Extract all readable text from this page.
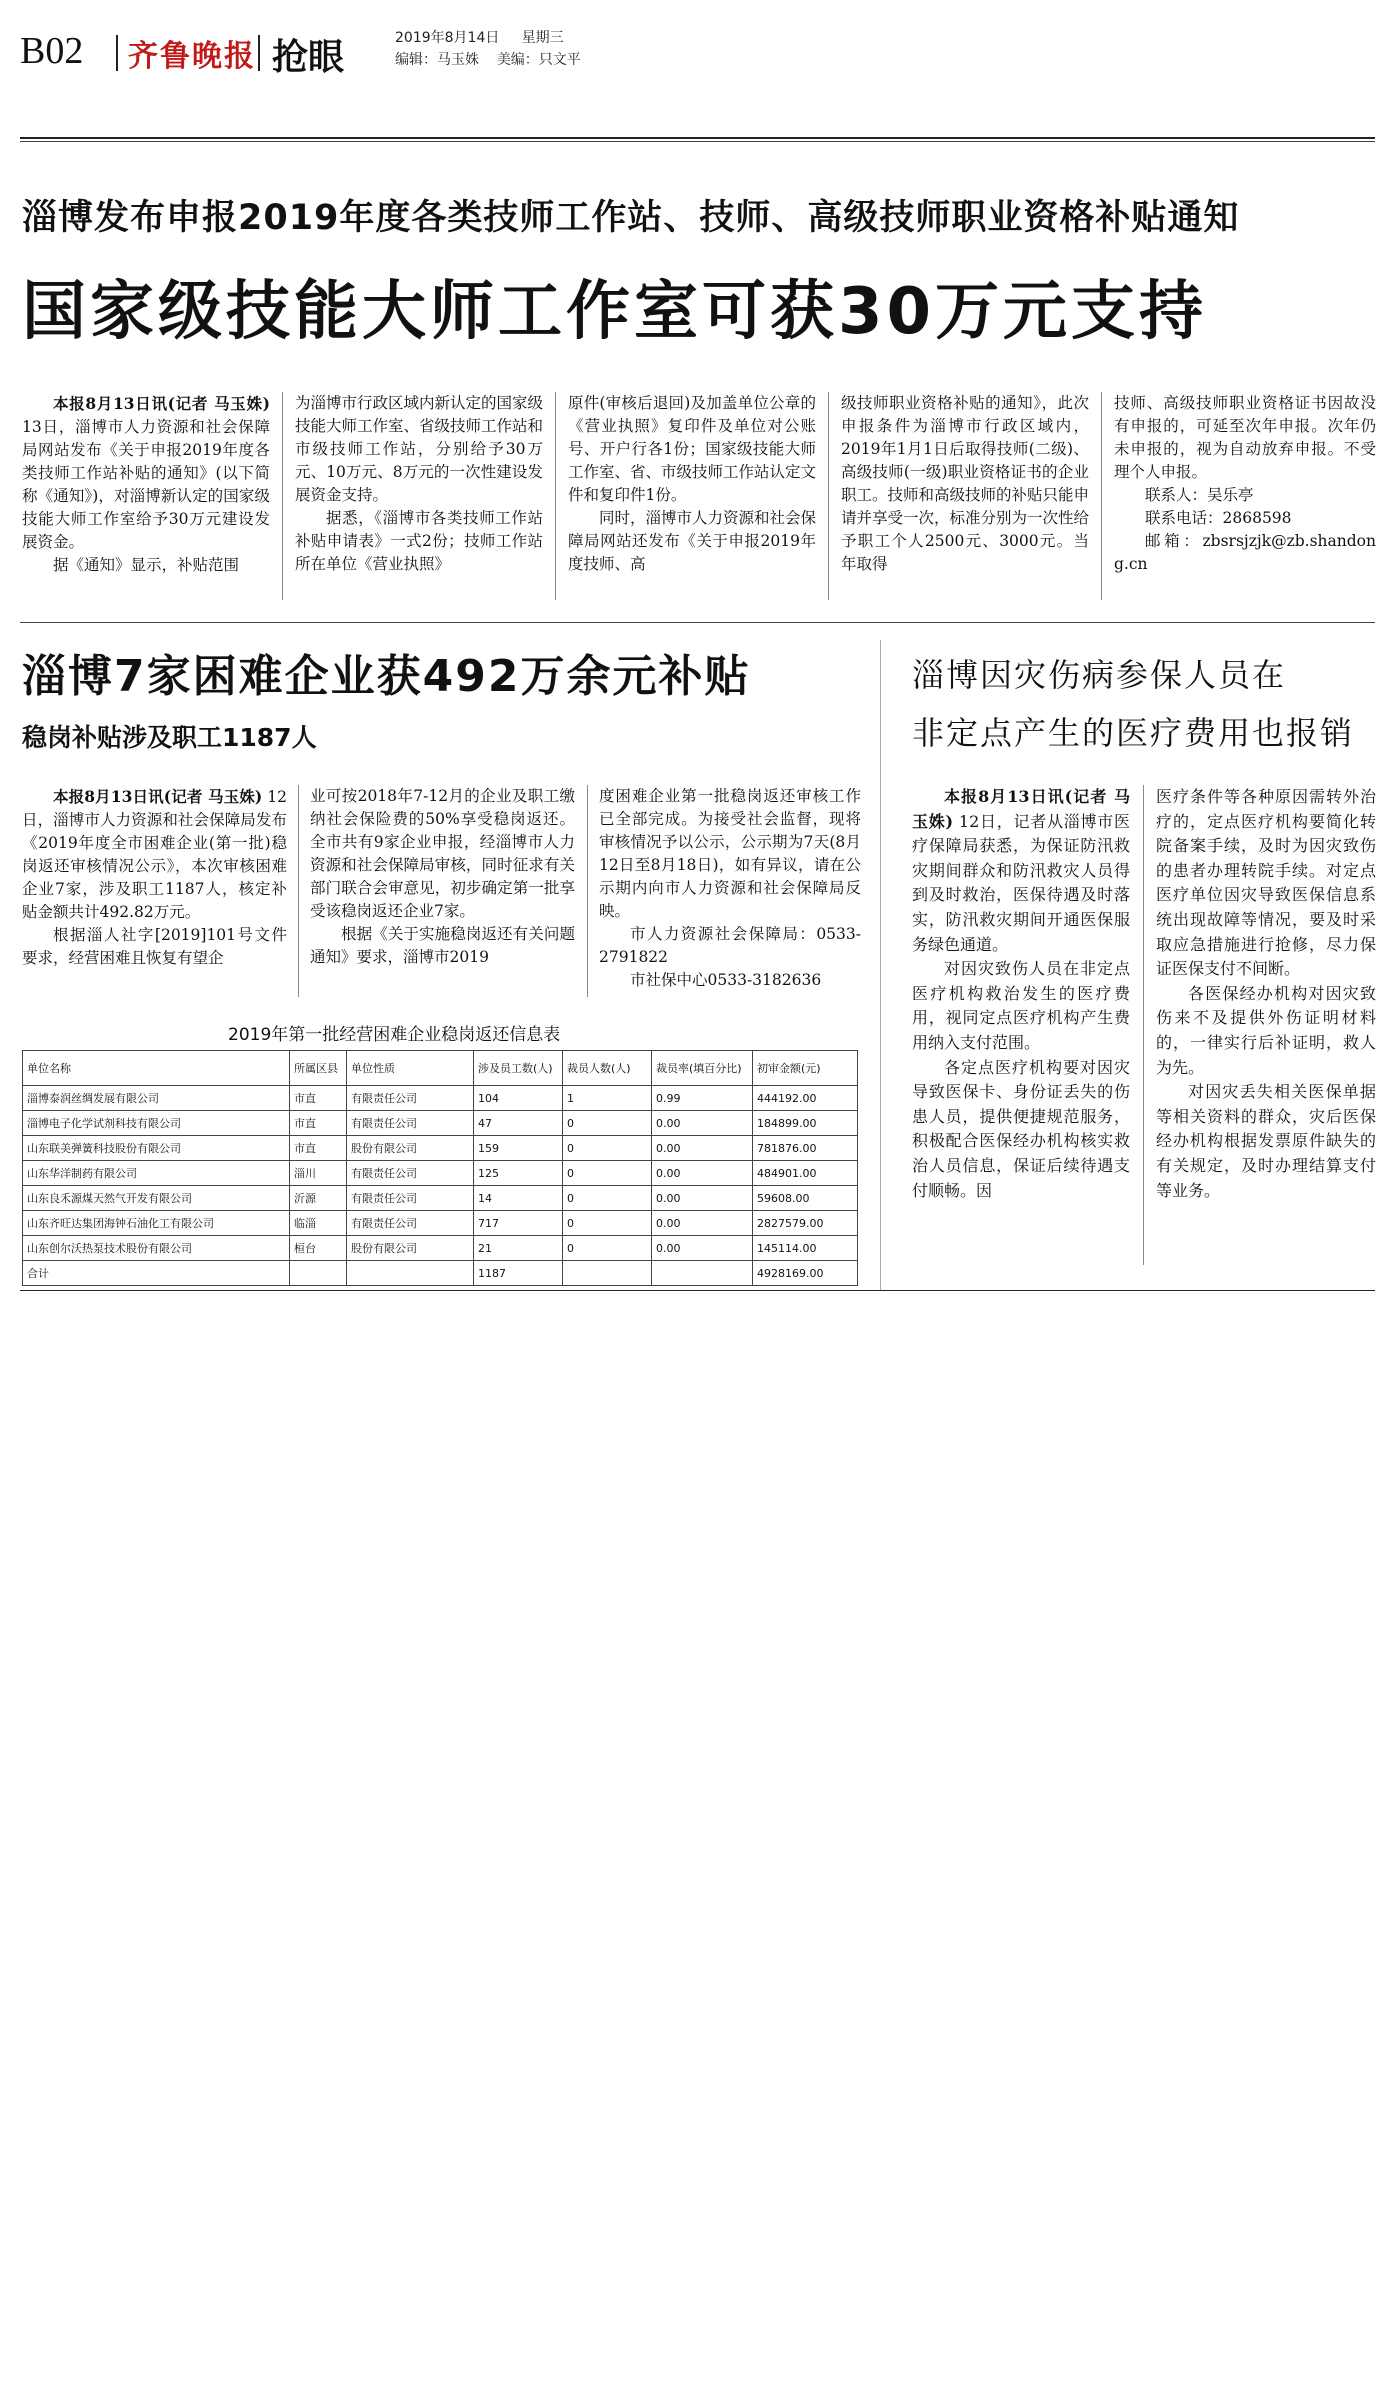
B02 齐鲁晚报 抢眼	2019年8月14日 星期三
编辑：马玉姝 美编：只文平
淄博发布申报2019年度各类技师工作站、技师、高级技师职业资格补贴通知
国家级技能大师工作室可获30万元支持

本报8月13日讯(记者 马玉姝) 13日，淄博市人力资源和社会保障局网站发布《关于申报2019年度各类技师工作站补贴的通知》(以下简称《通知》)，对淄博新认定的国家级技能大师工作室给予30万元建设发展资金。

据《通知》显示，补贴范围

为淄博市行政区域内新认定的国家级技能大师工作室、省级技师工作站和市级技师工作站，分别给予30万元、10万元、8万元的一次性建设发展资金支持。

据悉，《淄博市各类技师工作站补贴申请表》一式2份；技师工作站所在单位《营业执照》

原件(审核后退回)及加盖单位公章的《营业执照》复印件及单位对公账号、开户行各1份；国家级技能大师工作室、省、市级技师工作站认定文件和复印件1份。

同时，淄博市人力资源和社会保障局网站还发布《关于申报2019年度技师、高

级技师职业资格补贴的通知》，此次申报条件为淄博市行政区域内，2019年1月1日后取得技师(二级)、高级技师(一级)职业资格证书的企业职工。技师和高级技师的补贴只能申请并享受一次，标准分别为一次性给予职工个人2500元、3000元。当年取得

技师、高级技师职业资格证书因故没有申报的，可延至次年申报。次年仍未申报的，视为自动放弃申报。不受理个人申报。

联系人：吴乐亭

联系电话：2868598

邮箱：zbsrsjzjk@zb.shandong.cn

淄博7家困难企业获492万余元补贴
稳岗补贴涉及职工1187人

本报8月13日讯(记者 马玉姝) 12日，淄博市人力资源和社会保障局发布《2019年度全市困难企业(第一批)稳岗返还审核情况公示》，本次审核困难企业7家，涉及职工1187人，核定补贴金额共计492.82万元。

根据淄人社字[2019]101号文件要求，经营困难且恢复有望企

业可按2018年7-12月的企业及职工缴纳社会保险费的50%享受稳岗返还。全市共有9家企业申报，经淄博市人力资源和社会保障局审核，同时征求有关部门联合会审意见，初步确定第一批享受该稳岗返还企业7家。

根据《关于实施稳岗返还有关问题通知》要求，淄博市2019

度困难企业第一批稳岗返还审核工作已全部完成。为接受社会监督，现将审核情况予以公示，公示期为7天(8月12日至8月18日)，如有异议，请在公示期内向市人力资源和社会保障局反映。

市人力资源社会保障局：0533-2791822

市社保中心0533-3182636

2019年第一批经营困难企业稳岗返还信息表
单位名称	所属区县	单位性质	涉及员工数(人)	裁员人数(人)	裁员率(填百分比)	初审金额(元)
淄博泰润丝绸发展有限公司	市直	有限责任公司	104	1	0.99	444192.00
淄博电子化学试剂科技有限公司	市直	有限责任公司	47	0	0.00	184899.00
山东联美弹簧科技股份有限公司	市直	股份有限公司	159	0	0.00	781876.00
山东华洋制药有限公司	淄川	有限责任公司	125	0	0.00	484901.00
山东良禾源煤天然气开发有限公司	沂源	有限责任公司	14	0	0.00	59608.00
山东齐旺达集团海钟石油化工有限公司	临淄	有限责任公司	717	0	0.00	2827579.00
山东创尔沃热泵技术股份有限公司	桓台	股份有限公司	21	0	0.00	145114.00
合计			1187			4928169.00
淄博因灾伤病参保人员在
非定点产生的医疗费用也报销

本报8月13日讯(记者 马玉姝) 12日，记者从淄博市医疗保障局获悉，为保证防汛救灾期间群众和防汛救灾人员得到及时救治，医保待遇及时落实，防汛救灾期间开通医保服务绿色通道。

对因灾致伤人员在非定点医疗机构救治发生的医疗费用，视同定点医疗机构产生费用纳入支付范围。

各定点医疗机构要对因灾导致医保卡、身份证丢失的伤患人员，提供便捷规范服务，积极配合医保经办机构核实救治人员信息，保证后续待遇支付顺畅。因

医疗条件等各种原因需转外治疗的，定点医疗机构要简化转院备案手续，及时为因灾致伤的患者办理转院手续。对定点医疗单位因灾导致医保信息系统出现故障等情况，要及时采取应急措施进行抢修，尽力保证医保支付不间断。

各医保经办机构对因灾致伤来不及提供外伤证明材料的，一律实行后补证明，救人为先。

对因灾丢失相关医保单据等相关资料的群众，灾后医保经办机构根据发票原件缺失的有关规定，及时办理结算支付等业务。
